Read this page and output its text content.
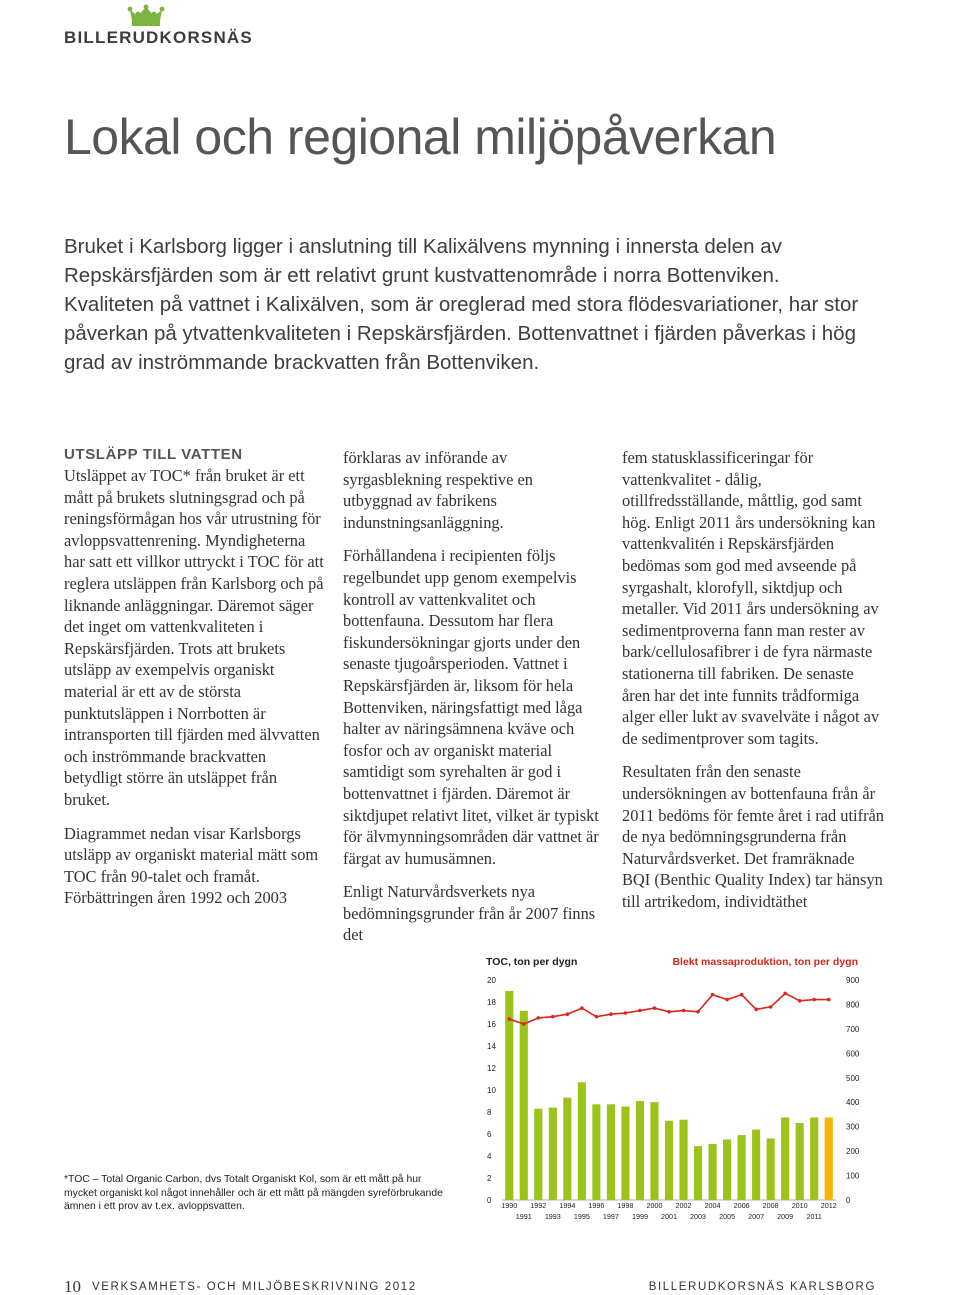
BILLERUDKORSNÄS
Lokal och regional miljöpåverkan

Bruket i Karlsborg ligger i anslutning till Kalixälvens mynning i innersta delen av Repskärsfjärden som är ett relativt grunt kustvattenområde i norra Bottenviken. Kvaliteten på vattnet i Kalixälven, som är oreglerad med stora flödesvariationer, har stor påverkan på ytvattenkvaliteten i Repskärsfjärden. Bottenvattnet i fjärden påverkas i hög grad av inströmmande brackvatten från Bottenviken.

UTSLÄPP TILL VATTEN
Utsläppet av TOC* från bruket är ett mått på brukets slutningsgrad och på reningsförmågan hos vår utrustning för avloppsvattenrening. Myndigheterna har satt ett villkor uttryckt i TOC för att reglera utsläppen från Karlsborg och på liknande anläggningar. Däremot säger det inget om vattenkvaliteten i Repskärsfjärden. Trots att brukets utsläpp av exempelvis organiskt material är ett av de största punktutsläppen i Norrbotten är intransporten till fjärden med älvvatten och inströmmande brackvatten betydligt större än utsläppet från bruket.

Diagrammet nedan visar Karlsborgs utsläpp av organiskt material mätt som TOC från 90-talet och framåt. Förbättringen åren 1992 och 2003

förklaras av införande av syrgasblekning respektive en utbyggnad av fabrikens indunstningsanläggning.

Förhållandena i recipienten följs regelbundet upp genom exempelvis kontroll av vattenkvalitet och bottenfauna. Dessutom har flera fiskundersökningar gjorts under den senaste tjugoårsperioden. Vattnet i Repskärsfjärden är, liksom för hela Bottenviken, näringsfattigt med låga halter av näringsämnena kväve och fosfor och av organiskt material samtidigt som syrehalten är god i bottenvattnet i fjärden. Däremot är siktdjupet relativt litet, vilket är typiskt för älvmynningsområden där vattnet är färgat av humusämnen.

Enligt Naturvårdsverkets nya bedömningsgrunder från år 2007 finns det

fem statusklassificeringar för vattenkvalitet - dålig, otillfredsställande, måttlig, god samt hög. Enligt 2011 års undersökning kan vattenkvalitén i Repskärsfjärden bedömas som god med avseende på syrgashalt, klorofyll, siktdjup och metaller. Vid 2011 års undersökning av sedimentproverna fann man rester av bark/cellulosafibrer i de fyra närmaste stationerna till fabriken. De senaste åren har det inte funnits trådformiga alger eller lukt av svavelväte i något av de sedimentprover som tagits.

Resultaten från den senaste undersökningen av bottenfauna från år 2011 bedöms för femte året i rad utifrån de nya bedömningsgrunderna från Naturvårdsverket. Det framräknade BQI (Benthic Quality Index) tar hänsyn till artrikedom, individtäthet

*TOC – Total Organic Carbon, dvs Totalt Organiskt Kol, som är ett mått på hur mycket organiskt kol något innehåller och är ett mått på mängden syreförbrukande ämnen i ett prov av t.ex. avloppsvatten.

TOC, ton per dygn	Blekt massaproduktion, ton per dygn
0
2
4
6
8
10
12
14
16
18
20
0
100
200
300
400
500
600
700
800
900
1990
1991
1992
1993
1994
1995
1996
1997
1998
1999
2000
2001
2002
2003
2004
2005
2006
2007
2008
2009
2010
2011
2012
10 VERKSAMHETS- OCH MILJÖBESKRIVNING 2012	BILLERUDKORSNÄS KARLSBORG
